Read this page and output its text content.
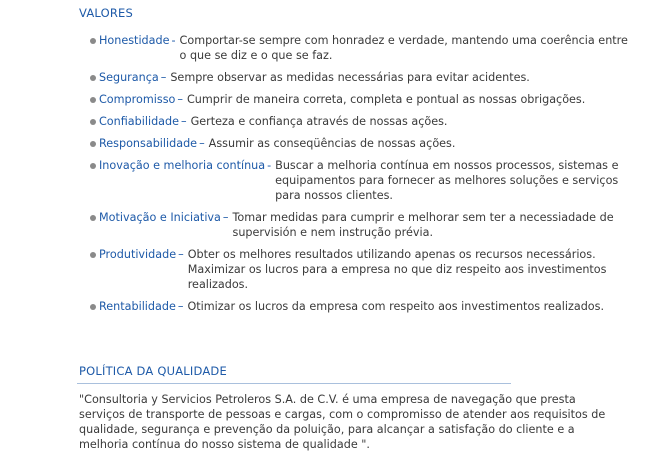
VALORES
Honestidade - Comportar-se sempre com honradez e verdade, mantendo uma coerência entre o que se diz e o que se faz.
Segurança – Sempre observar as medidas necessárias para evitar acidentes.
Compromisso – Cumprir de maneira correta, completa e pontual as nossas obrigações.
Confiabilidade – Gerteza e confiança através de nossas ações.
Responsabilidade – Assumir as conseqüências de nossas ações.
Inovação e melhoria contínua - Buscar a melhoria contínua em nossos processos, sistemas e equipamentos para fornecer as melhores soluções e serviços para nossos clientes.
Motivação e Iniciativa – Tomar medidas para cumprir e melhorar sem ter a necessiadade de supervisión e nem instrução prévia.
Produtividade – Obter os melhores resultados utilizando apenas os recursos necessários. Maximizar os lucros para a empresa no que diz respeito aos investimentos realizados.
Rentabilidade – Otimizar os lucros da empresa com respeito aos investimentos realizados.
POLÍTICA DA QUALIDADE
"Consultoria y Servicios Petroleros S.A. de C.V. é uma empresa de navegação que presta serviços de transporte de pessoas e cargas, com o compromisso de atender aos requisitos de qualidade, segurança e prevenção da poluição, para alcançar a satisfação do cliente e a melhoria contínua do nosso sistema de qualidade ".
